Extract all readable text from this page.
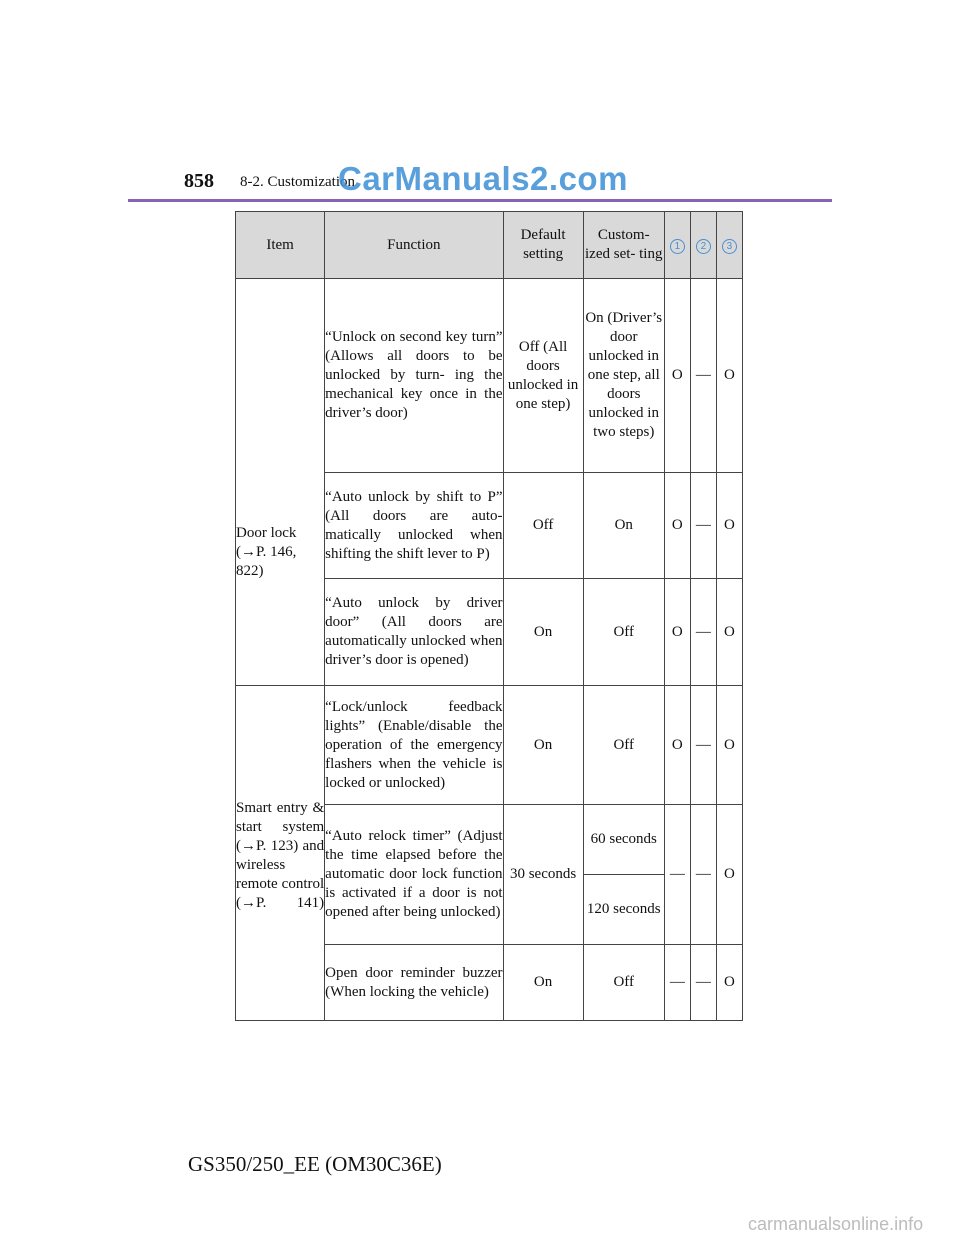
858 8-2. Customization
CarManuals2.com
Item	Function	Default setting	Custom- ized set- ting	1	2	3
Door lock (→P. 146, 822)	“Unlock on second key turn” (Allows all doors to be unlocked by turn- ing the mechanical key once in the driver’s door)	Off (All doors unlocked in one step)	On (Driver’s door unlocked in one step, all doors unlocked in two steps)	O	—	O
	“Auto unlock by shift to P” (All doors are auto- matically unlocked when shifting the shift lever to P)	Off	On	O	—	O
	“Auto unlock by driver door” (All doors are automatically unlocked when driver’s door is opened)	On	Off	O	—	O
Smart entry & start system (→P. 123) and wireless remote control (→P. 141)	“Lock/unlock feedback lights” (Enable/disable the operation of the emergency flashers when the vehicle is locked or unlocked)	On	Off	O	—	O
	“Auto relock timer” (Adjust the time elapsed before the automatic door lock function is activated if a door is not opened after being unlocked)	30 seconds	60 seconds	—	—	O
			120 seconds			
	Open door reminder buzzer (When locking the vehicle)	On	Off	—	—	O
GS350/250_EE (OM30C36E)
carmanualsonline.info
